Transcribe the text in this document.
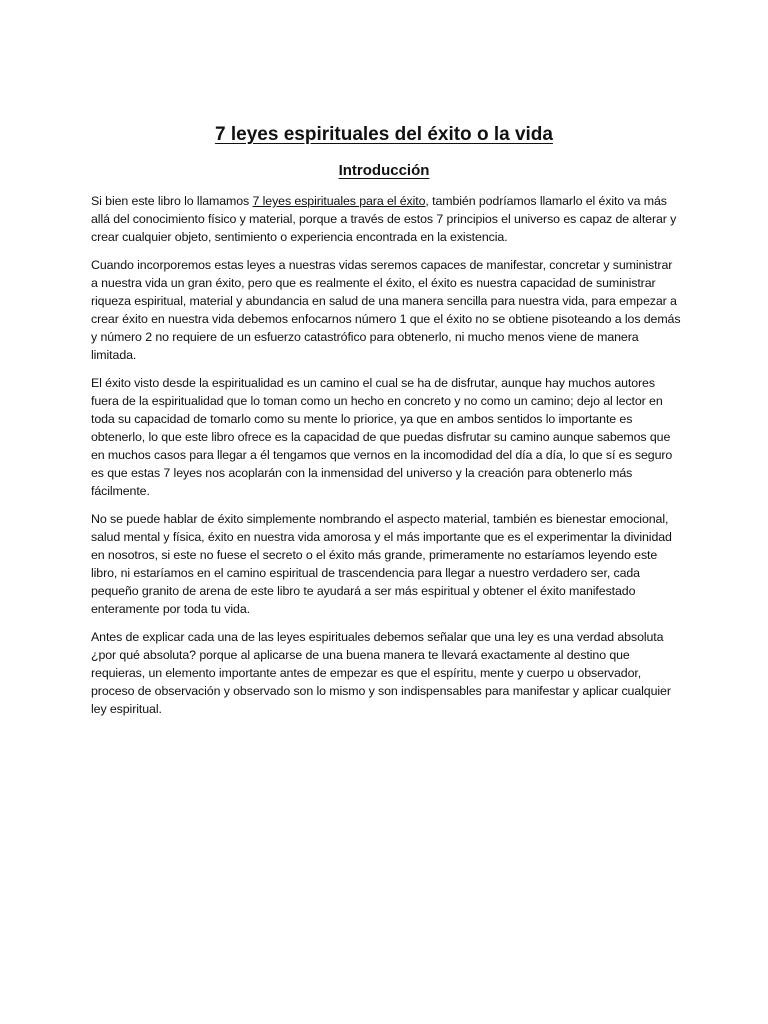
7 leyes espirituales del éxito o la vida
Introducción

Si bien este libro lo llamamos 7 leyes espirituales para el éxito, también podríamos llamarlo el éxito va más allá del conocimiento físico y material, porque a través de estos 7 principios el universo es capaz de alterar y crear cualquier objeto, sentimiento o experiencia encontrada en la existencia.

Cuando incorporemos estas leyes a nuestras vidas seremos capaces de manifestar, concretar y suministrar a nuestra vida un gran éxito, pero que es realmente el éxito, el éxito es nuestra capacidad de suministrar riqueza espiritual, material y abundancia en salud de una manera sencilla para nuestra vida, para empezar a crear éxito en nuestra vida debemos enfocarnos número 1 que el éxito no se obtiene pisoteando a los demás y número 2 no requiere de un esfuerzo catastrófico para obtenerlo, ni mucho menos viene de manera limitada.

El éxito visto desde la espiritualidad es un camino el cual se ha de disfrutar, aunque hay muchos autores fuera de la espiritualidad que lo toman como un hecho en concreto y no como un camino; dejo al lector en toda su capacidad de tomarlo como su mente lo priorice, ya que en ambos sentidos lo importante es obtenerlo, lo que este libro ofrece es la capacidad de que puedas disfrutar su camino aunque sabemos que en muchos casos para llegar a él tengamos que vernos en la incomodidad del día a día, lo que sí es seguro es que estas 7 leyes nos acoplarán con la inmensidad del universo y la creación para obtenerlo más fácilmente.

No se puede hablar de éxito simplemente nombrando el aspecto material, también es bienestar emocional, salud mental y física, éxito en nuestra vida amorosa y el más importante que es el experimentar la divinidad en nosotros, si este no fuese el secreto o el éxito más grande, primeramente no estaríamos leyendo este libro, ni estaríamos en el camino espiritual de trascendencia para llegar a nuestro verdadero ser, cada pequeño granito de arena de este libro te ayudará a ser más espiritual y obtener el éxito manifestado enteramente por toda tu vida.

Antes de explicar cada una de las leyes espirituales debemos señalar que una ley es una verdad absoluta ¿por qué absoluta? porque al aplicarse de una buena manera te llevará exactamente al destino que requieras, un elemento importante antes de empezar es que el espíritu, mente y cuerpo u observador, proceso de observación y observado son lo mismo y son indispensables para manifestar y aplicar cualquier ley espiritual.
